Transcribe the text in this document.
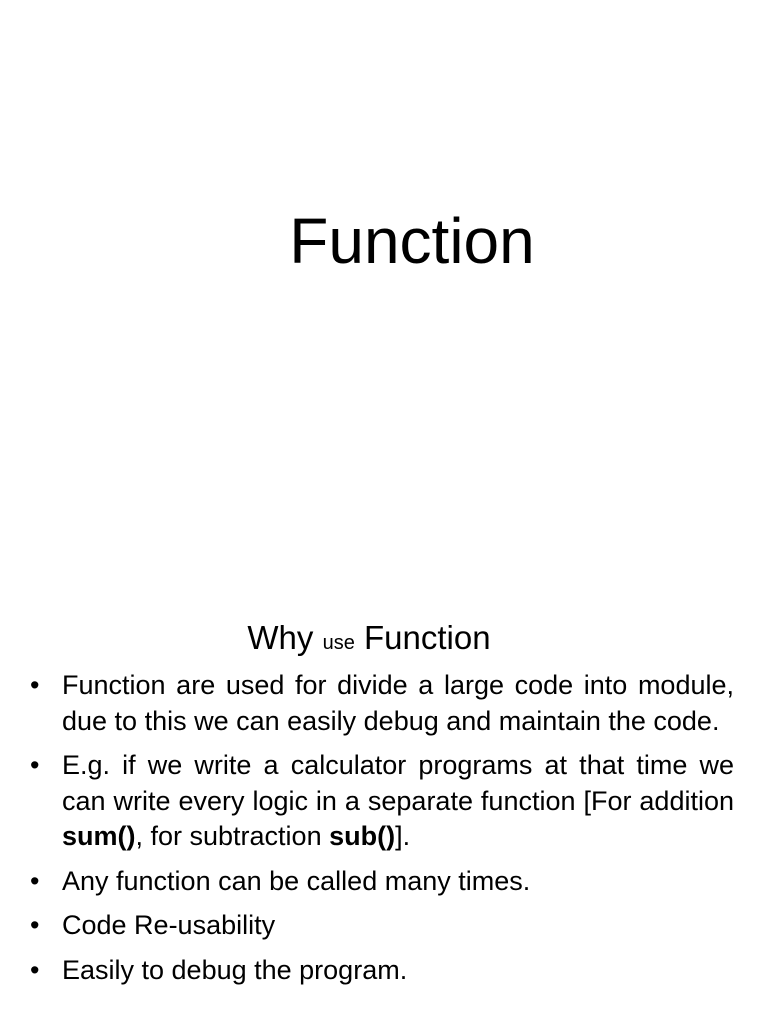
Function
Why use Function
• Function are used for divide a large code into module, due to this we can easily debug and maintain the code.
• E.g. if we write a calculator programs at that time we can write every logic in a separate function [For addition sum(), for subtraction sub()].
• Any function can be called many times.
• Code Re-usability
• Easily to debug the program.
